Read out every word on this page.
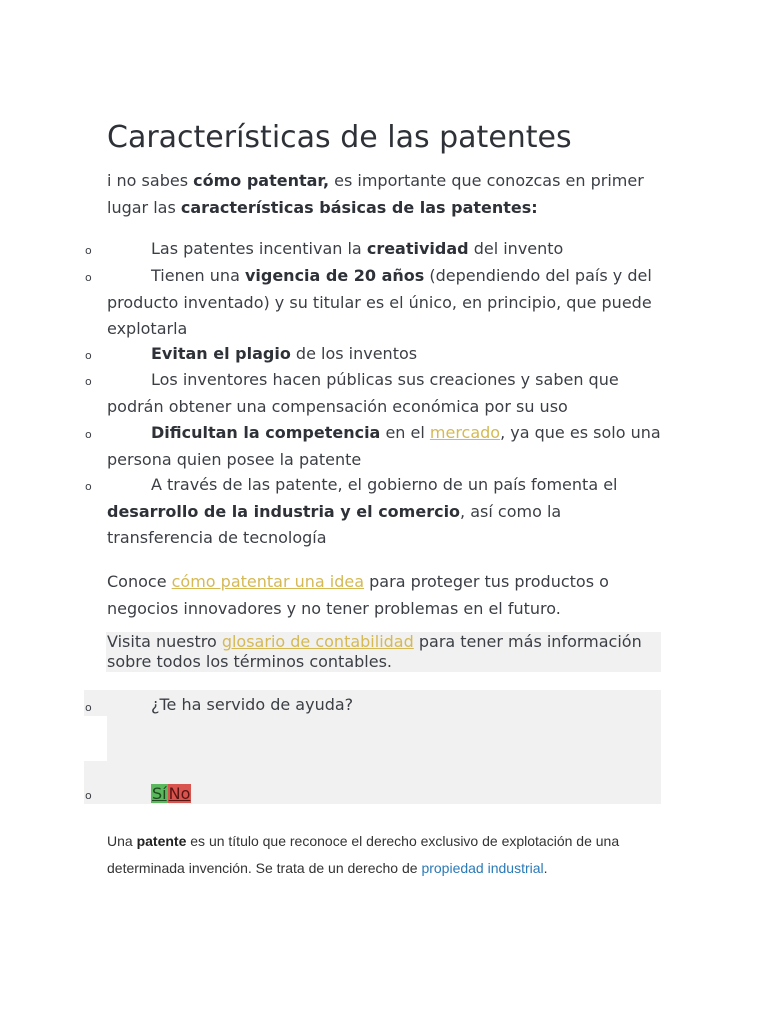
Características de las patentes
i no sabes cómo patentar, es importante que conozcas en primer lugar las características básicas de las patentes:
o	Las patentes incentivan la creatividad del invento
o	Tienen una vigencia de 20 años (dependiendo del país y del producto inventado) y su titular es el único, en principio, que puede explotarla
o	Evitan el plagio de los inventos
o	Los inventores hacen públicas sus creaciones y saben que podrán obtener una compensación económica por su uso
o	Dificultan la competencia en el mercado, ya que es solo una persona quien posee la patente
o	A través de las patente, el gobierno de un país fomenta el desarrollo de la industria y el comercio, así como la transferencia de tecnología
Conoce cómo patentar una idea para proteger tus productos o negocios innovadores y no tener problemas en el futuro.
Visita nuestro glosario de contabilidad para tener más información sobre todos los términos contables.
o	¿Te ha servido de ayuda?
o	Sí No
Una patente es un título que reconoce el derecho exclusivo de explotación de una determinada invención. Se trata de un derecho de propiedad industrial.
